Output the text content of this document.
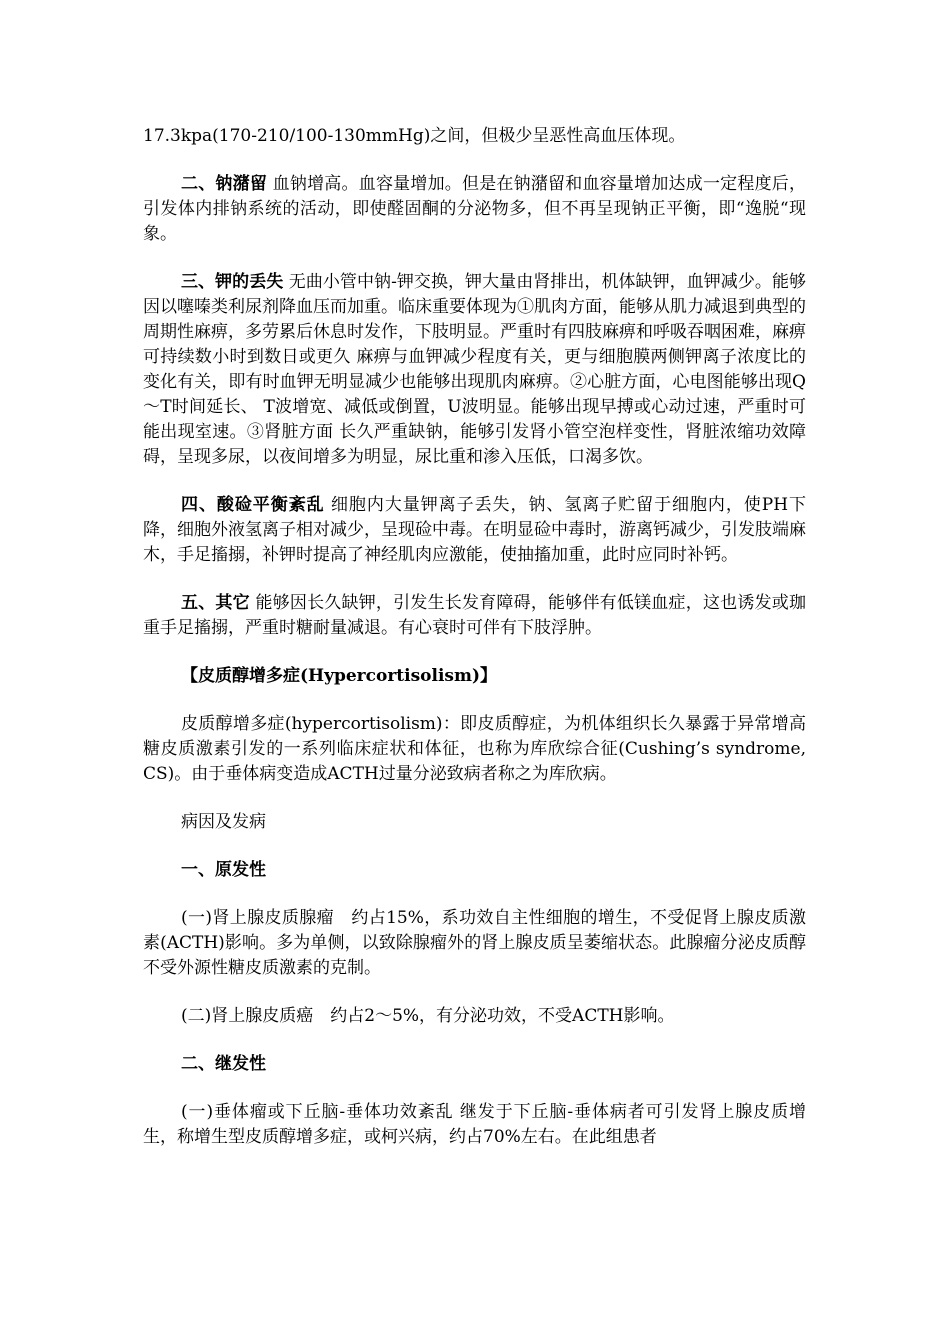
17.3kpa(170-210/100-130mmHg)之间，但极少呈恶性高血压体现。

二、钠潴留 血钠增高。血容量增加。但是在钠潴留和血容量增加达成一定程度后，引发体内排钠系统的活动，即使醛固酮的分泌物多，但不再呈现钠正平衡，即“逸脱“现象。

三、钾的丢失 无曲小管中钠-钾交换，钾大量由肾排出，机体缺钾，血钾减少。能够因以噻嗪类利尿剂降血压而加重。临床重要体现为①肌肉方面，能够从肌力减退到典型的周期性麻痹，多劳累后休息时发作，下肢明显。严重时有四肢麻痹和呼吸吞咽困难，麻痹可持续数小时到数日或更久 麻痹与血钾减少程度有关，更与细胞膜两侧钾离子浓度比的变化有关，即有时血钾无明显减少也能够出现肌肉麻痹。②心脏方面，心电图能够出现Q～T时间延长、 T波增宽、减低或倒置，U波明显。能够出现早搏或心动过速，严重时可能出现室速。③肾脏方面 长久严重缺钠，能够引发肾小管空泡样变性，肾脏浓缩功效障碍，呈现多尿，以夜间增多为明显，尿比重和渗入压低，口渴多饮。

四、酸硷平衡紊乱 细胞内大量钾离子丢失，钠、氢离子贮留于细胞内，使PH下降，细胞外液氢离子相对减少，呈现硷中毒。在明显硷中毒时，游离钙减少，引发肢端麻木，手足搐搦，补钾时提高了神经肌肉应激能，使抽搐加重，此时应同时补钙。

五、其它 能够因长久缺钾，引发生长发育障碍，能够伴有低镁血症，这也诱发或珈重手足搐搦，严重时糖耐量减退。有心衰时可伴有下肢浮肿。

【皮质醇增多症(Hypercortisolism)】

皮质醇增多症(hypercortisolism)：即皮质醇症，为机体组织长久暴露于异常增高糖皮质激素引发的一系列临床症状和体征，也称为库欣综合征(Cushing’s syndrome, CS)。由于垂体病变造成ACTH过量分泌致病者称之为库欣病。

病因及发病

一、原发性

(一)肾上腺皮质腺瘤　约占15%，系功效自主性细胞的增生，不受促肾上腺皮质激素(ACTH)影响。多为单侧，以致除腺瘤外的肾上腺皮质呈萎缩状态。此腺瘤分泌皮质醇不受外源性糖皮质激素的克制。

(二)肾上腺皮质癌　约占2～5%，有分泌功效，不受ACTH影响。

二、继发性

(一)垂体瘤或下丘脑-垂体功效紊乱 继发于下丘脑-垂体病者可引发肾上腺皮质增生，称增生型皮质醇增多症，或柯兴病，约占70%左右。在此组患者
